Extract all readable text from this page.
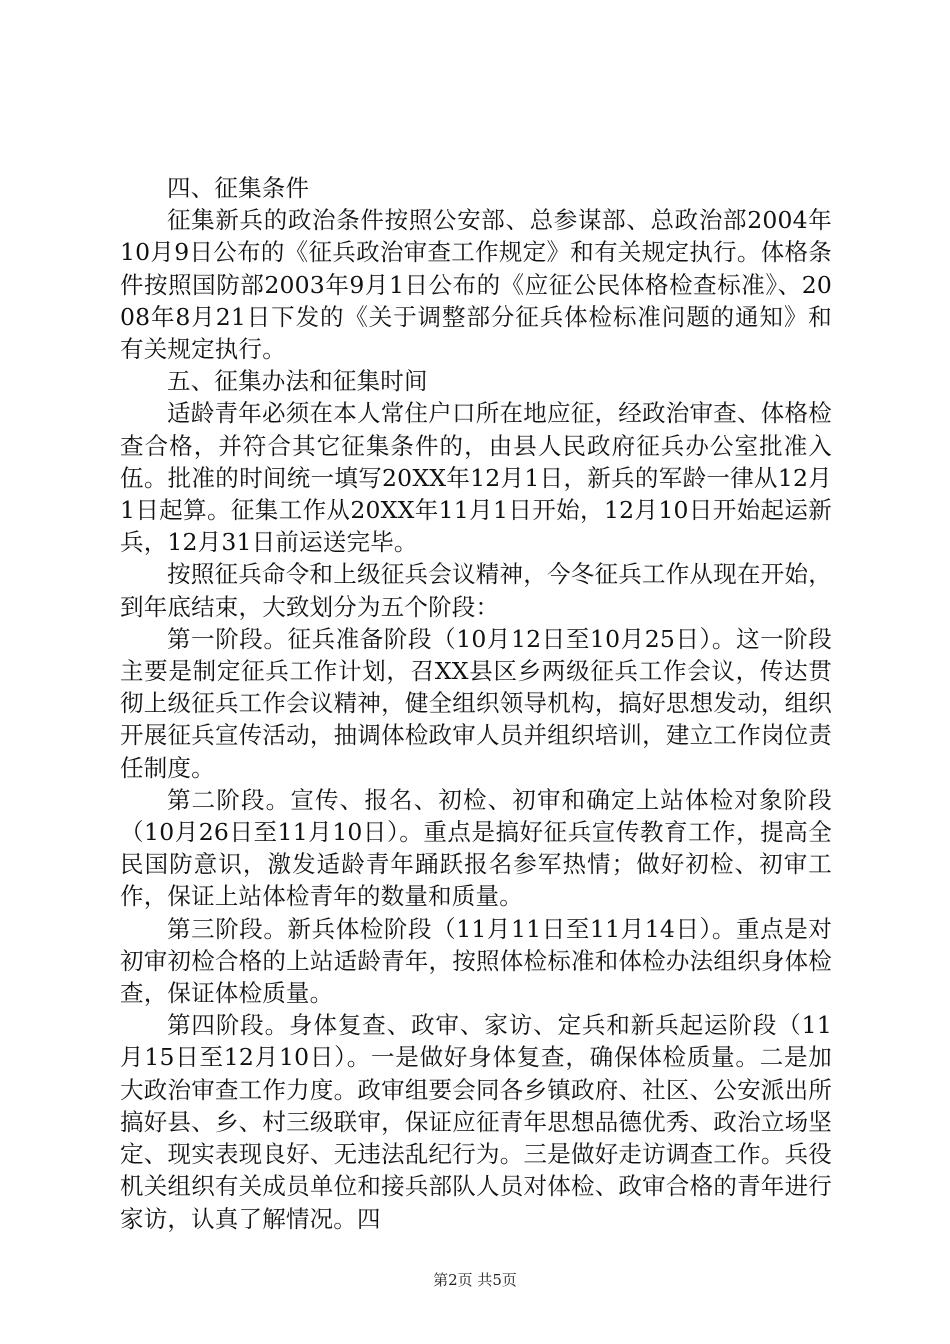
四、征集条件

征集新兵的政治条件按照公安部、总参谋部、总政治部2004年10月9日公布的《征兵政治审查工作规定》和有关规定执行。体格条件按照国防部2003年9月1日公布的《应征公民体格检查标准》、2008年8月21日下发的《关于调整部分征兵体检标准问题的通知》和有关规定执行。

五、征集办法和征集时间

适龄青年必须在本人常住户口所在地应征，经政治审查、体格检查合格，并符合其它征集条件的，由县人民政府征兵办公室批准入伍。批准的时间统一填写20XX年12月1日，新兵的军龄一律从12月1日起算。征集工作从20XX年11月1日开始，12月10日开始起运新兵，12月31日前运送完毕。

按照征兵命令和上级征兵会议精神，今冬征兵工作从现在开始，到年底结束，大致划分为五个阶段：

第一阶段。征兵准备阶段（10月12日至10月25日）。这一阶段主要是制定征兵工作计划，召XX县区乡两级征兵工作会议，传达贯彻上级征兵工作会议精神，健全组织领导机构，搞好思想发动，组织开展征兵宣传活动，抽调体检政审人员并组织培训，建立工作岗位责任制度。

第二阶段。宣传、报名、初检、初审和确定上站体检对象阶段（10月26日至11月10日）。重点是搞好征兵宣传教育工作，提高全民国防意识，激发适龄青年踊跃报名参军热情；做好初检、初审工作，保证上站体检青年的数量和质量。

第三阶段。新兵体检阶段（11月11日至11月14日）。重点是对初审初检合格的上站适龄青年，按照体检标准和体检办法组织身体检查，保证体检质量。

第四阶段。身体复查、政审、家访、定兵和新兵起运阶段（11月15日至12月10日）。一是做好身体复查，确保体检质量。二是加大政治审查工作力度。政审组要会同各乡镇政府、社区、公安派出所搞好县、乡、村三级联审，保证应征青年思想品德优秀、政治立场坚定、现实表现良好、无违法乱纪行为。三是做好走访调查工作。兵役机关组织有关成员单位和接兵部队人员对体检、政审合格的青年进行家访，认真了解情况。四

第2页 共5页
